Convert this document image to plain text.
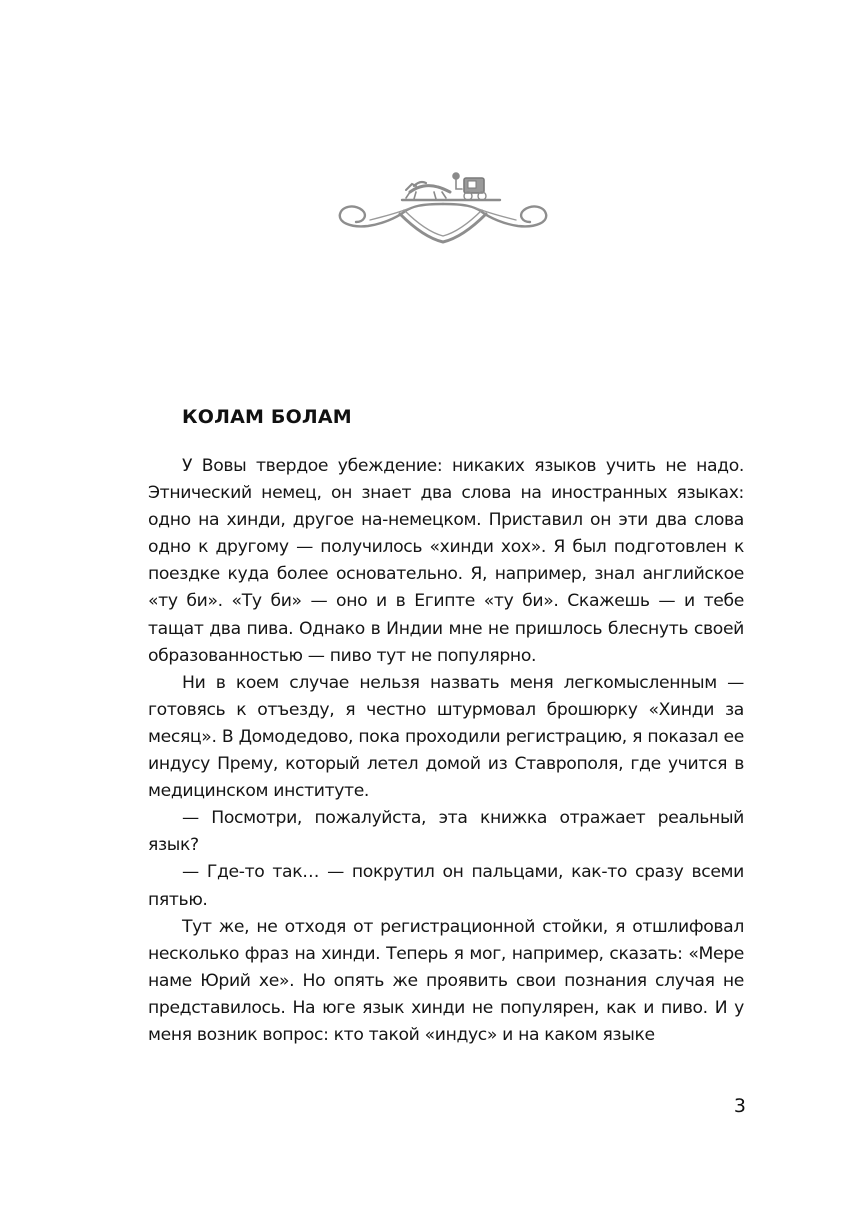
КОЛАМ БОЛАМ

У Вовы твердое убеждение: никаких языков учить не надо. Этнический немец, он знает два слова на иностранных языках: одно на хинди, другое на-немецком. Приставил он эти два слова одно к другому — получилось «хинди хох». Я был подготовлен к поездке куда более основательно. Я, например, знал английское «ту би». «Ту би» — оно и в Египте «ту би». Скажешь — и тебе тащат два пива. Однако в Индии мне не пришлось блеснуть своей образованностью — пиво тут не популярно.

Ни в коем случае нельзя назвать меня легкомысленным — готовясь к отъезду, я честно штурмовал брошюрку «Хинди за месяц». В Домодедово, пока проходили регистрацию, я показал ее индусу Прему, который летел домой из Ставрополя, где учится в медицинском институте.

— Посмотри, пожалуйста, эта книжка отражает реальный язык?

— Где-то так… — покрутил он пальцами, как-то сразу всеми пятью.

Тут же, не отходя от регистрационной стойки, я отшлифовал несколько фраз на хинди. Теперь я мог, например, сказать: «Мере наме Юрий хе». Но опять же проявить свои познания случая не представилось. На юге язык хинди не популярен, как и пиво. И у меня возник вопрос: кто такой «индус» и на каком языке

3
